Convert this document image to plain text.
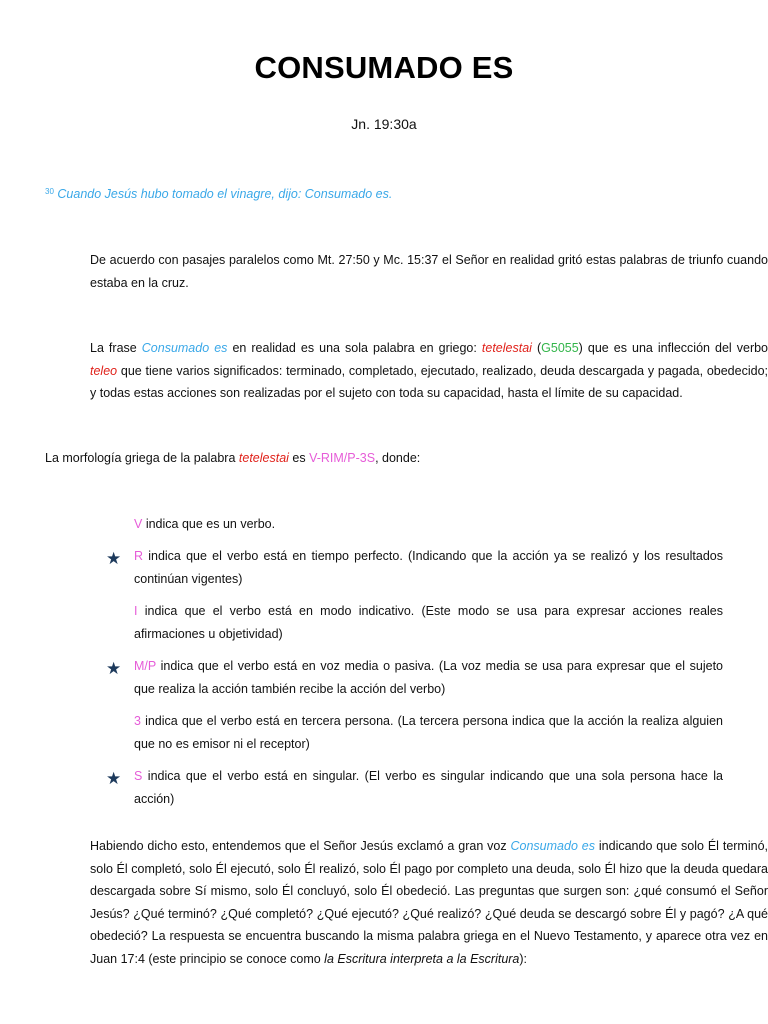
CONSUMADO ES
Jn. 19:30a
$^{30}$ Cuando Jesús hubo tomado el vinagre, dijo: Consumado es.

De acuerdo con pasajes paralelos como Mt. 27:50 y Mc. 15:37 el Señor en realidad gritó estas palabras de triunfo cuando estaba en la cruz.

La frase Consumado es en realidad es una sola palabra en griego: tetelestai (G5055) que es una inflección del verbo teleo que tiene varios significados: terminado, completado, ejecutado, realizado, deuda descargada y pagada, obedecido; y todas estas acciones son realizadas por el sujeto con toda su capacidad, hasta el límite de su capacidad.

La morfología griega de la palabra tetelestai es V-RIM/P-3S, donde:

V indica que es un verbo.

★ R indica que el verbo está en tiempo perfecto. (Indicando que la acción ya se realizó y los resultados continúan vigentes)

I indica que el verbo está en modo indicativo. (Este modo se usa para expresar acciones reales afirmaciones u objetividad)

★ M/P indica que el verbo está en voz media o pasiva. (La voz media se usa para expresar que el sujeto que realiza la acción también recibe la acción del verbo)

3 indica que el verbo está en tercera persona. (La tercera persona indica que la acción la realiza alguien que no es emisor ni el receptor)

★ S indica que el verbo está en singular. (El verbo es singular indicando que una sola persona hace la acción)

Habiendo dicho esto, entendemos que el Señor Jesús exclamó a gran voz Consumado es indicando que solo Él terminó, solo Él completó, solo Él ejecutó, solo Él realizó, solo Él pago por completo una deuda, solo Él hizo que la deuda quedara descargada sobre Sí mismo, solo Él concluyó, solo Él obedeció. Las preguntas que surgen son: ¿qué consumó el Señor Jesús? ¿Qué terminó? ¿Qué completó? ¿Qué ejecutó? ¿Qué realizó? ¿Qué deuda se descargó sobre Él y pagó? ¿A qué obedeció? La respuesta se encuentra buscando la misma palabra griega en el Nuevo Testamento, y aparece otra vez en Juan 17:4 (este principio se conoce como la Escritura interpreta a la Escritura):
